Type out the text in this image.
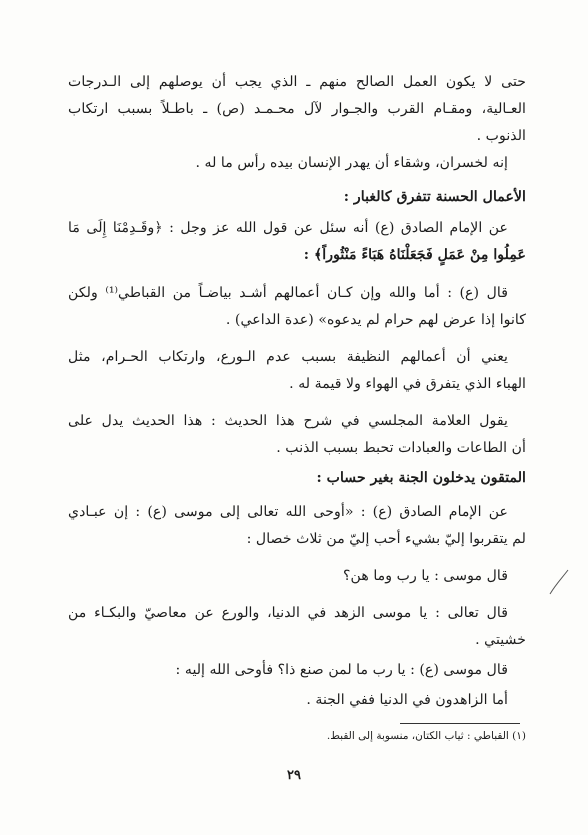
حتى لا يكون العمل الصالح منهم ـ الذي يجب أن يوصلهم إلى الـدرجات
العـالية، ومقـام القرب والجـوار لآل محـمـد (ص) ـ باطـلاً بسبب ارتكاب
الذنوب .
إنه لخسران، وشقاء أن يهدر الإنسان بيده رأس ما له .
الأعمال الحسنة تتفرق كالغبار :
عن الإمام الصادق (ع) أنه سئل عن قول الله عز وجل : ﴿وقَـدِمْنَا إِلَى مَا
عَمِلُوا مِنْ عَمَلٍ فَجَعَلْنَاهُ هَبَاءً مَنْثُوراً﴾ :
قال (ع) : أما والله وإن كـان أعمالهم أشـد بياضـاً من القباطي⁽¹⁾ ولكن
كانوا إذا عرض لهم حرام لم يدعوه» (عدة الداعي) .
يعني أن أعمالهم النظيفة بسبب عدم الـورع، وارتكاب الحـرام، مثل
الهباء الذي يتفرق في الهواء ولا قيمة له .
يقول العلامة المجلسي في شرح هذا الحديث : هذا الحديث يدل على
أن الطاعات والعبادات تحبط بسبب الذنب .
المتقون يدخلون الجنة بغير حساب :
عن الإمام الصادق (ع) : «أوحى الله تعالى إلى موسى (ع) : إن عبـادي
لم يتقربوا إليّ بشيء أحب إليّ من ثلاث خصال :
قال موسى : يا رب وما هن؟
قال تعالى : يا موسى الزهد في الدنيا، والورع عن معاصيّ والبكـاء من
خشيتي .
قال موسى (ع) : يا رب ما لمن صنع ذا؟ فأوحى الله إليه :
أما الزاهدون في الدنيا ففي الجنة .
(١) القباطي : ثياب الكتان، منسوبة إلى القبط.
٢٩
